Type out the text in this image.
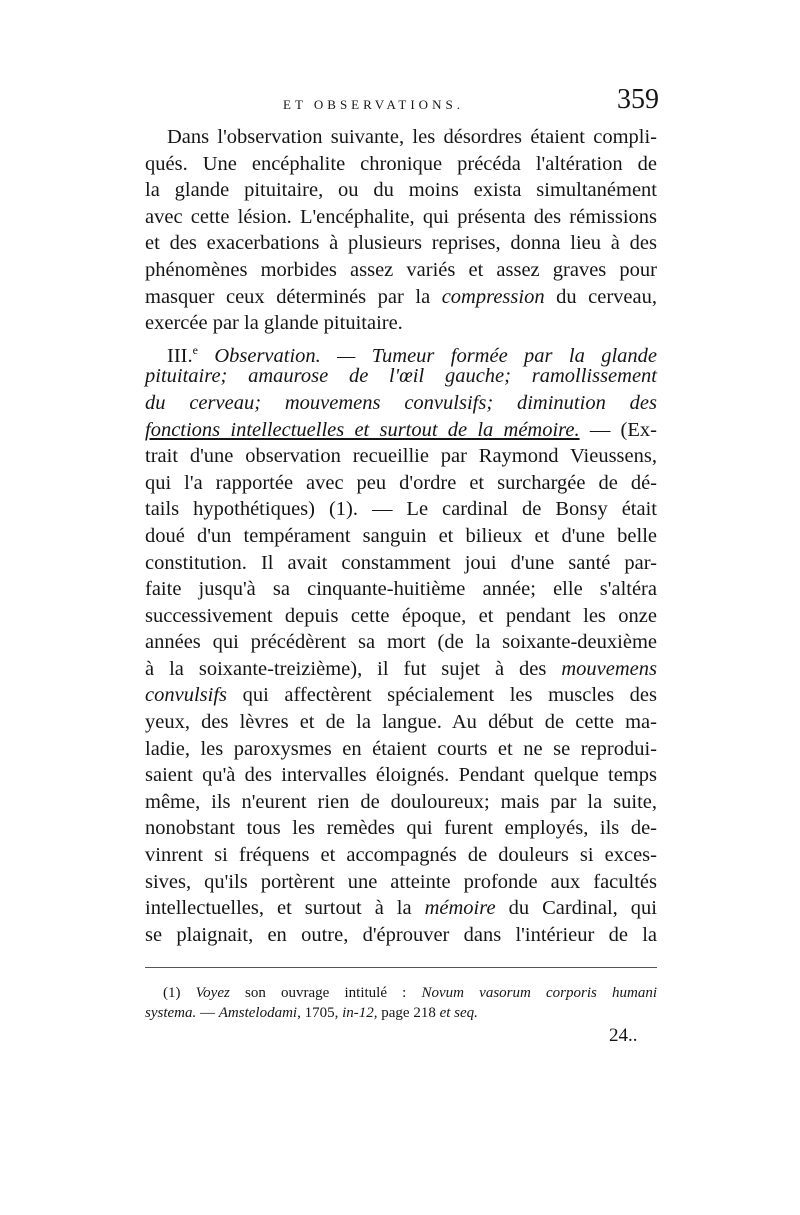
ET OBSERVATIONS.	359
Dans l'observation suivante, les désordres étaient compli-
qués. Une encéphalite chronique précéda l'altération de
la glande pituitaire, ou du moins exista simultanément
avec cette lésion. L'encéphalite, qui présenta des rémissions
et des exacerbations à plusieurs reprises, donna lieu à des
phénomènes morbides assez variés et assez graves pour
masquer ceux déterminés par la compression du cerveau,
exercée par la glande pituitaire.
III.$^e$ Observation. — Tumeur formée par la glande
pituitaire; amaurose de l'œil gauche; ramollissement
du cerveau; mouvemens convulsifs; diminution des
fonctions intellectuelles et surtout de la mémoire. — (Ex-
trait d'une observation recueillie par Raymond Vieussens,
qui l'a rapportée avec peu d'ordre et surchargée de dé-
tails hypothétiques) (1). — Le cardinal de Bonsy était
doué d'un tempérament sanguin et bilieux et d'une belle
constitution. Il avait constamment joui d'une santé par-
faite jusqu'à sa cinquante-huitième année; elle s'altéra
successivement depuis cette époque, et pendant les onze
années qui précédèrent sa mort (de la soixante-deuxième
à la soixante-treizième), il fut sujet à des mouvemens
convulsifs qui affectèrent spécialement les muscles des
yeux, des lèvres et de la langue. Au début de cette ma-
ladie, les paroxysmes en étaient courts et ne se reprodui-
saient qu'à des intervalles éloignés. Pendant quelque temps
même, ils n'eurent rien de douloureux; mais par la suite,
nonobstant tous les remèdes qui furent employés, ils de-
vinrent si fréquens et accompagnés de douleurs si exces-
sives, qu'ils portèrent une atteinte profonde aux facultés
intellectuelles, et surtout à la mémoire du Cardinal, qui
se plaignait, en outre, d'éprouver dans l'intérieur de la
(1) Voyez son ouvrage intitulé : Novum vasorum corporis humani
systema. — Amstelodami, 1705, in-12, page 218 et seq.
24..
